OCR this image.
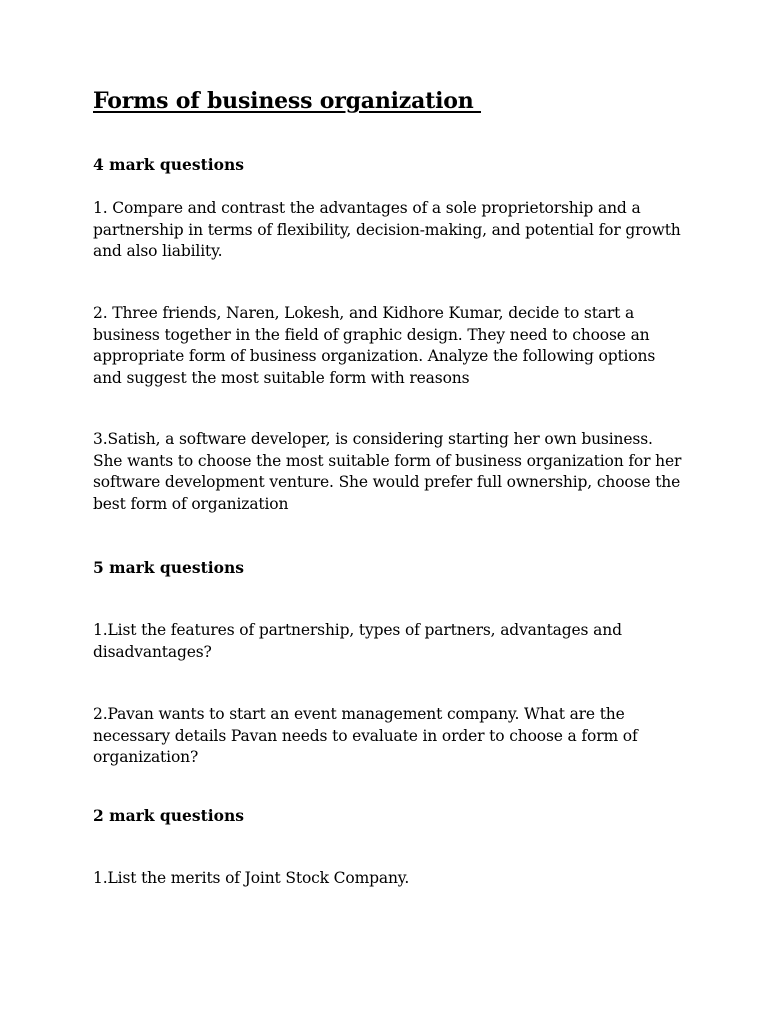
Forms of business organization
4 mark questions

1. Compare and contrast the advantages of a sole proprietorship and a partnership in terms of flexibility, decision-making, and potential for growth and also liability.

2. Three friends, Naren, Lokesh, and Kidhore Kumar, decide to start a business together in the field of graphic design. They need to choose an appropriate form of business organization. Analyze the following options and suggest the most suitable form with reasons

3.Satish, a software developer, is considering starting her own business. She wants to choose the most suitable form of business organization for her software development venture. She would prefer full ownership, choose the best form of organization

5 mark questions

1.List the features of partnership, types of partners, advantages and disadvantages?

2.Pavan wants to start an event management company. What are the necessary details Pavan needs to evaluate in order to choose a form of organization?

2 mark questions

1.List the merits of Joint Stock Company.
